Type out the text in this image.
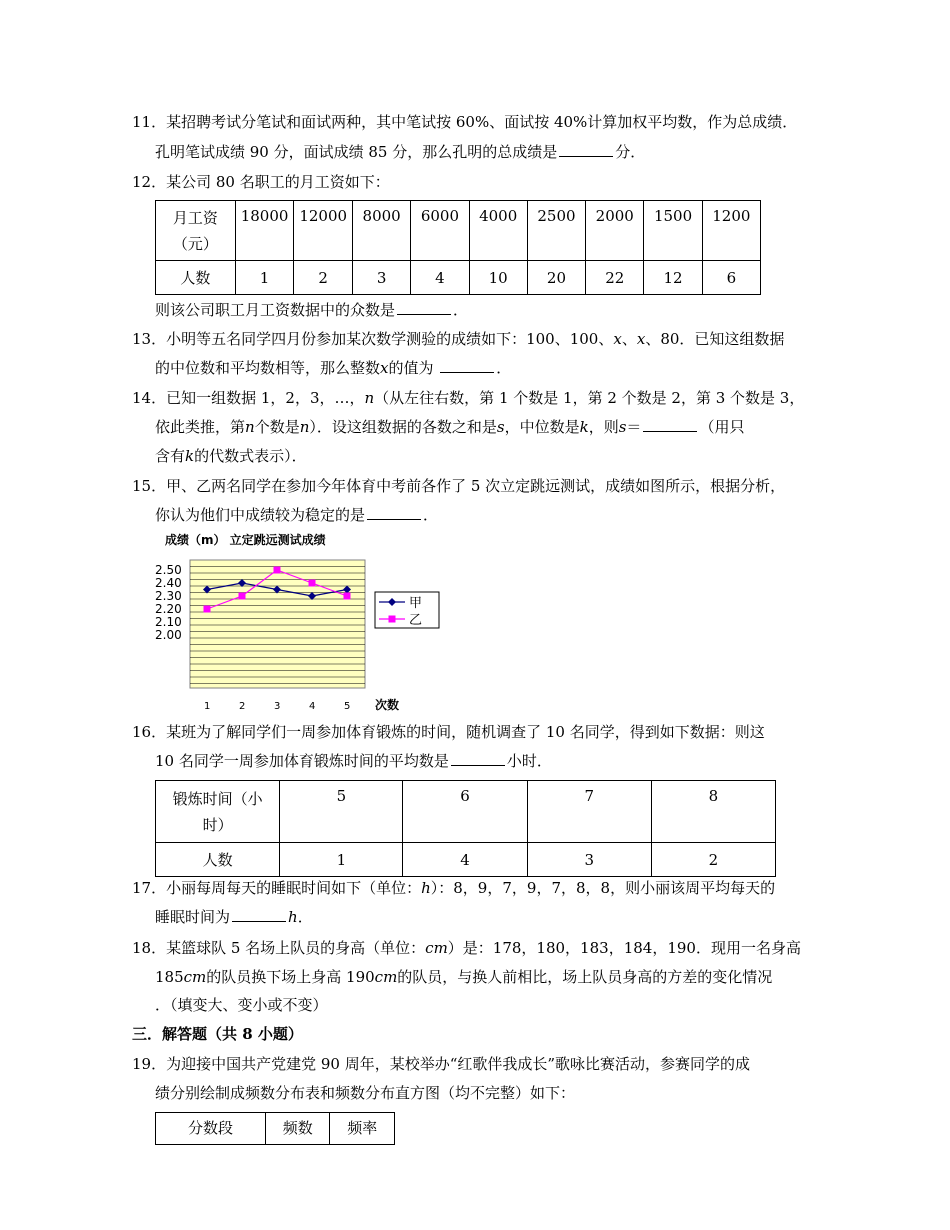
11．某招聘考试分笔试和面试两种，其中笔试按 60%、面试按 40%计算加权平均数，作为总成绩．
孔明笔试成绩 90 分，面试成绩 85 分，那么孔明的总成绩是	分．
12．某公司 80 名职工的月工资如下：
月工资
（元）	18000	12000	8000	6000	4000	2500	2000	1500	1200
人数	1	2	3	4	10	20	22	12	6
则该公司职工月工资数据中的众数是	．
13．小明等五名同学四月份参加某次数学测验的成绩如下：100、100、x、x、80．已知这组数据
的中位数和平均数相等，那么整数x的值为	．
14．已知一组数据 1，2，3，…，n（从左往右数，第 1 个数是 1，第 2 个数是 2，第 3 个数是 3，
依此类推，第n个数是n）．设这组数据的各数之和是s，中位数是k，则s＝	（用只
含有k的代数式表示）．
15．甲、乙两名同学在参加今年体育中考前各作了 5 次立定跳远测试，成绩如图所示，根据分析，
你认为他们中成绩较为稳定的是	．
成绩（m） 立定跳远测试成绩
2.50
2.40
2.30
2.20
2.10
2.00
1	2	3	4	5 次数
甲
乙
16．某班为了解同学们一周参加体育锻炼的时间，随机调查了 10 名同学，得到如下数据：则这
10 名同学一周参加体育锻炼时间的平均数是	小时．
锻炼时间（小
时）	5	6	7	8
人数	1	4	3	2
17．小丽每周每天的睡眠时间如下（单位：h）：8，9，7，9，7，8，8，则小丽该周平均每天的
睡眠时间为	h．
18．某篮球队 5 名场上队员的身高（单位：cm）是：178，180，183，184，190．现用一名身高
185cm的队员换下场上身高 190cm的队员，与换人前相比，场上队员身高的方差的变化情况
．（填变大、变小或不变）
三．解答题（共 8 小题）
19．为迎接中国共产党建党 90 周年，某校举办“红歌伴我成长”歌咏比赛活动，参赛同学的成
绩分别绘制成频数分布表和频数分布直方图（均不完整）如下：
分数段	频数	频率
